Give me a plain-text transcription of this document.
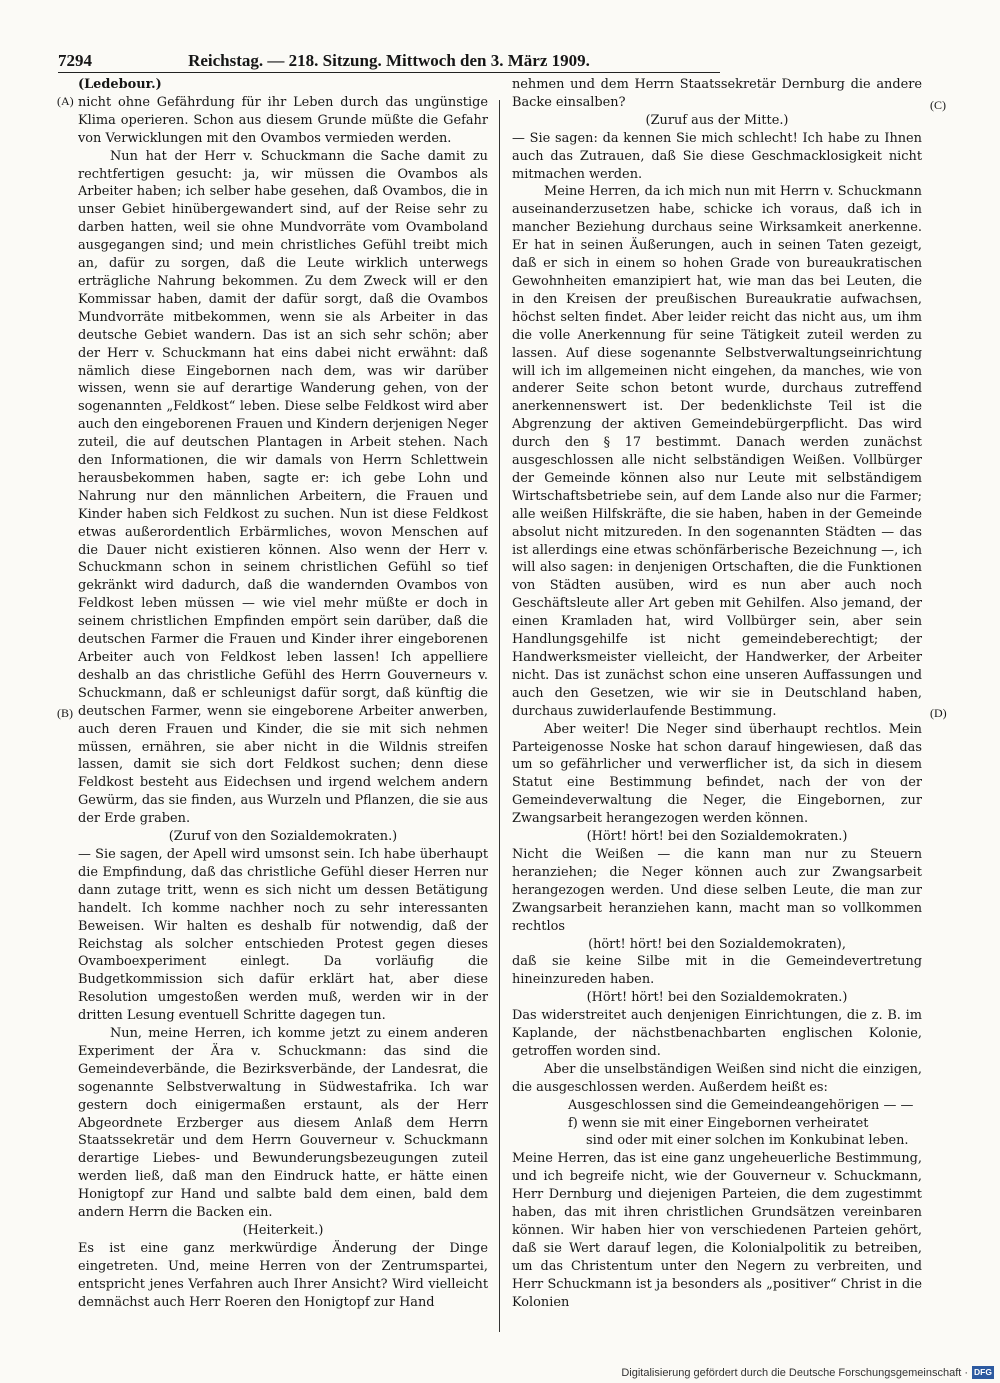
7294	Reichstag. — 218. Sitzung. Mittwoch den 3. März 1909.
(A)
(B)
(C)
(D)

(Ledebour.)

nicht ohne Gefährdung für ihr Leben durch das ungünstige Klima operieren. Schon aus diesem Grunde müßte die Gefahr von Verwicklungen mit den Ovambos vermieden werden.

Nun hat der Herr v. Schuckmann die Sache damit zu rechtfertigen gesucht: ja, wir müssen die Ovambos als Arbeiter haben; ich selber habe gesehen, daß Ovambos, die in unser Gebiet hinübergewandert sind, auf der Reise sehr zu darben hatten, weil sie ohne Mundvorräte vom Ovamboland ausgegangen sind; und mein christliches Gefühl treibt mich an, dafür zu sorgen, daß die Leute wirklich unterwegs erträgliche Nahrung bekommen. Zu dem Zweck will er den Kommissar haben, damit der dafür sorgt, daß die Ovambos Mundvorräte mitbekommen, wenn sie als Arbeiter in das deutsche Gebiet wandern. Das ist an sich sehr schön; aber der Herr v. Schuckmann hat eins dabei nicht erwähnt: daß nämlich diese Eingebornen nach dem, was wir darüber wissen, wenn sie auf derartige Wanderung gehen, von der sogenannten „Feldkost“ leben. Diese selbe Feldkost wird aber auch den eingeborenen Frauen und Kindern derjenigen Neger zuteil, die auf deutschen Plantagen in Arbeit stehen. Nach den Informationen, die wir damals von Herrn Schlettwein herausbekommen haben, sagte er: ich gebe Lohn und Nahrung nur den männlichen Arbeitern, die Frauen und Kinder haben sich Feldkost zu suchen. Nun ist diese Feldkost etwas außerordentlich Erbärmliches, wovon Menschen auf die Dauer nicht existieren können. Also wenn der Herr v. Schuckmann schon in seinem christlichen Gefühl so tief gekränkt wird dadurch, daß die wandernden Ovambos von Feldkost leben müssen — wie viel mehr müßte er doch in seinem christlichen Empfinden empört sein darüber, daß die deutschen Farmer die Frauen und Kinder ihrer eingeborenen Arbeiter auch von Feldkost leben lassen! Ich appelliere deshalb an das christliche Gefühl des Herrn Gouverneurs v. Schuckmann, daß er schleunigst dafür sorgt, daß künftig die deutschen Farmer, wenn sie eingeborene Arbeiter anwerben, auch deren Frauen und Kinder, die sie mit sich nehmen müssen, ernähren, sie aber nicht in die Wildnis streifen lassen, damit sie sich dort Feldkost suchen; denn diese Feldkost besteht aus Eidechsen und irgend welchem andern Gewürm, das sie finden, aus Wurzeln und Pflanzen, die sie aus der Erde graben.

(Zuruf von den Sozialdemokraten.)

— Sie sagen, der Apell wird umsonst sein. Ich habe überhaupt die Empfindung, daß das christliche Gefühl dieser Herren nur dann zutage tritt, wenn es sich nicht um dessen Betätigung handelt. Ich komme nachher noch zu sehr interessanten Beweisen. Wir halten es deshalb für notwendig, daß der Reichstag als solcher entschieden Protest gegen dieses Ovamboexperiment einlegt. Da vorläufig die Budgetkommission sich dafür erklärt hat, aber diese Resolution umgestoßen werden muß, werden wir in der dritten Lesung eventuell Schritte dagegen tun.

Nun, meine Herren, ich komme jetzt zu einem anderen Experiment der Ära v. Schuckmann: das sind die Gemeindeverbände, die Bezirksverbände, der Landesrat, die sogenannte Selbstverwaltung in Südwestafrika. Ich war gestern doch einigermaßen erstaunt, als der Herr Abgeordnete Erzberger aus diesem Anlaß dem Herrn Staatssekretär und dem Herrn Gouverneur v. Schuckmann derartige Liebes- und Bewunderungsbezeugungen zuteil werden ließ, daß man den Eindruck hatte, er hätte einen Honigtopf zur Hand und salbte bald dem einen, bald dem andern Herrn die Backen ein.

(Heiterkeit.)

Es ist eine ganz merkwürdige Änderung der Dinge eingetreten. Und, meine Herren von der Zentrumspartei, entspricht jenes Verfahren auch Ihrer Ansicht? Wird vielleicht demnächst auch Herr Roeren den Honigtopf zur Hand

nehmen und dem Herrn Staatssekretär Dernburg die andere Backe einsalben?

(Zuruf aus der Mitte.)

— Sie sagen: da kennen Sie mich schlecht! Ich habe zu Ihnen auch das Zutrauen, daß Sie diese Geschmacklosigkeit nicht mitmachen werden.

Meine Herren, da ich mich nun mit Herrn v. Schuckmann auseinanderzusetzen habe, schicke ich voraus, daß ich in mancher Beziehung durchaus seine Wirksamkeit anerkenne. Er hat in seinen Äußerungen, auch in seinen Taten gezeigt, daß er sich in einem so hohen Grade von bureaukratischen Gewohnheiten emanzipiert hat, wie man das bei Leuten, die in den Kreisen der preußischen Bureaukratie aufwachsen, höchst selten findet. Aber leider reicht das nicht aus, um ihm die volle Anerkennung für seine Tätigkeit zuteil werden zu lassen. Auf diese sogenannte Selbstverwaltungseinrichtung will ich im allgemeinen nicht eingehen, da manches, wie von anderer Seite schon betont wurde, durchaus zutreffend anerkennenswert ist. Der bedenklichste Teil ist die Abgrenzung der aktiven Gemeindebürgerpflicht. Das wird durch den § 17 bestimmt. Danach werden zunächst ausgeschlossen alle nicht selbständigen Weißen. Vollbürger der Gemeinde können also nur Leute mit selbständigem Wirtschaftsbetriebe sein, auf dem Lande also nur die Farmer; alle weißen Hilfskräfte, die sie haben, haben in der Gemeinde absolut nicht mitzureden. In den sogenannten Städten — das ist allerdings eine etwas schönfärberische Bezeichnung —, ich will also sagen: in denjenigen Ortschaften, die die Funktionen von Städten ausüben, wird es nun aber auch noch Geschäftsleute aller Art geben mit Gehilfen. Also jemand, der einen Kramladen hat, wird Vollbürger sein, aber sein Handlungsgehilfe ist nicht gemeindeberechtigt; der Handwerksmeister vielleicht, der Handwerker, der Arbeiter nicht. Das ist zunächst schon eine unseren Auffassungen und auch den Gesetzen, wie wir sie in Deutschland haben, durchaus zuwiderlaufende Bestimmung.

Aber weiter! Die Neger sind überhaupt rechtlos. Mein Parteigenosse Noske hat schon darauf hingewiesen, daß das um so gefährlicher und verwerflicher ist, da sich in diesem Statut eine Bestimmung befindet, nach der von der Gemeindeverwaltung die Neger, die Eingebornen, zur Zwangsarbeit herangezogen werden können.

(Hört! hört! bei den Sozialdemokraten.)

Nicht die Weißen — die kann man nur zu Steuern heranziehen; die Neger können auch zur Zwangsarbeit herangezogen werden. Und diese selben Leute, die man zur Zwangsarbeit heranziehen kann, macht man so vollkommen rechtlos

(hört! hört! bei den Sozialdemokraten),

daß sie keine Silbe mit in die Gemeindevertretung hineinzureden haben.

(Hört! hört! bei den Sozialdemokraten.)

Das widerstreitet auch denjenigen Einrichtungen, die z. B. im Kaplande, der nächstbenachbarten englischen Kolonie, getroffen worden sind.

Aber die unselbständigen Weißen sind nicht die einzigen, die ausgeschlossen werden. Außerdem heißt es:

Ausgeschlossen sind die Gemeindeangehörigen — —

f) wenn sie mit einer Eingebornen verheiratet

sind oder mit einer solchen im Konkubinat leben.

Meine Herren, das ist eine ganz ungeheuerliche Bestimmung, und ich begreife nicht, wie der Gouverneur v. Schuckmann, Herr Dernburg und diejenigen Parteien, die dem zugestimmt haben, das mit ihren christlichen Grundsätzen vereinbaren können. Wir haben hier von verschiedenen Parteien gehört, daß sie Wert darauf legen, die Kolonialpolitik zu betreiben, um das Christentum unter den Negern zu verbreiten, und Herr Schuckmann ist ja besonders als „positiver“ Christ in die Kolonien

Digitalisierung gefördert durch die Deutsche Forschungsgemeinschaft · DFG
